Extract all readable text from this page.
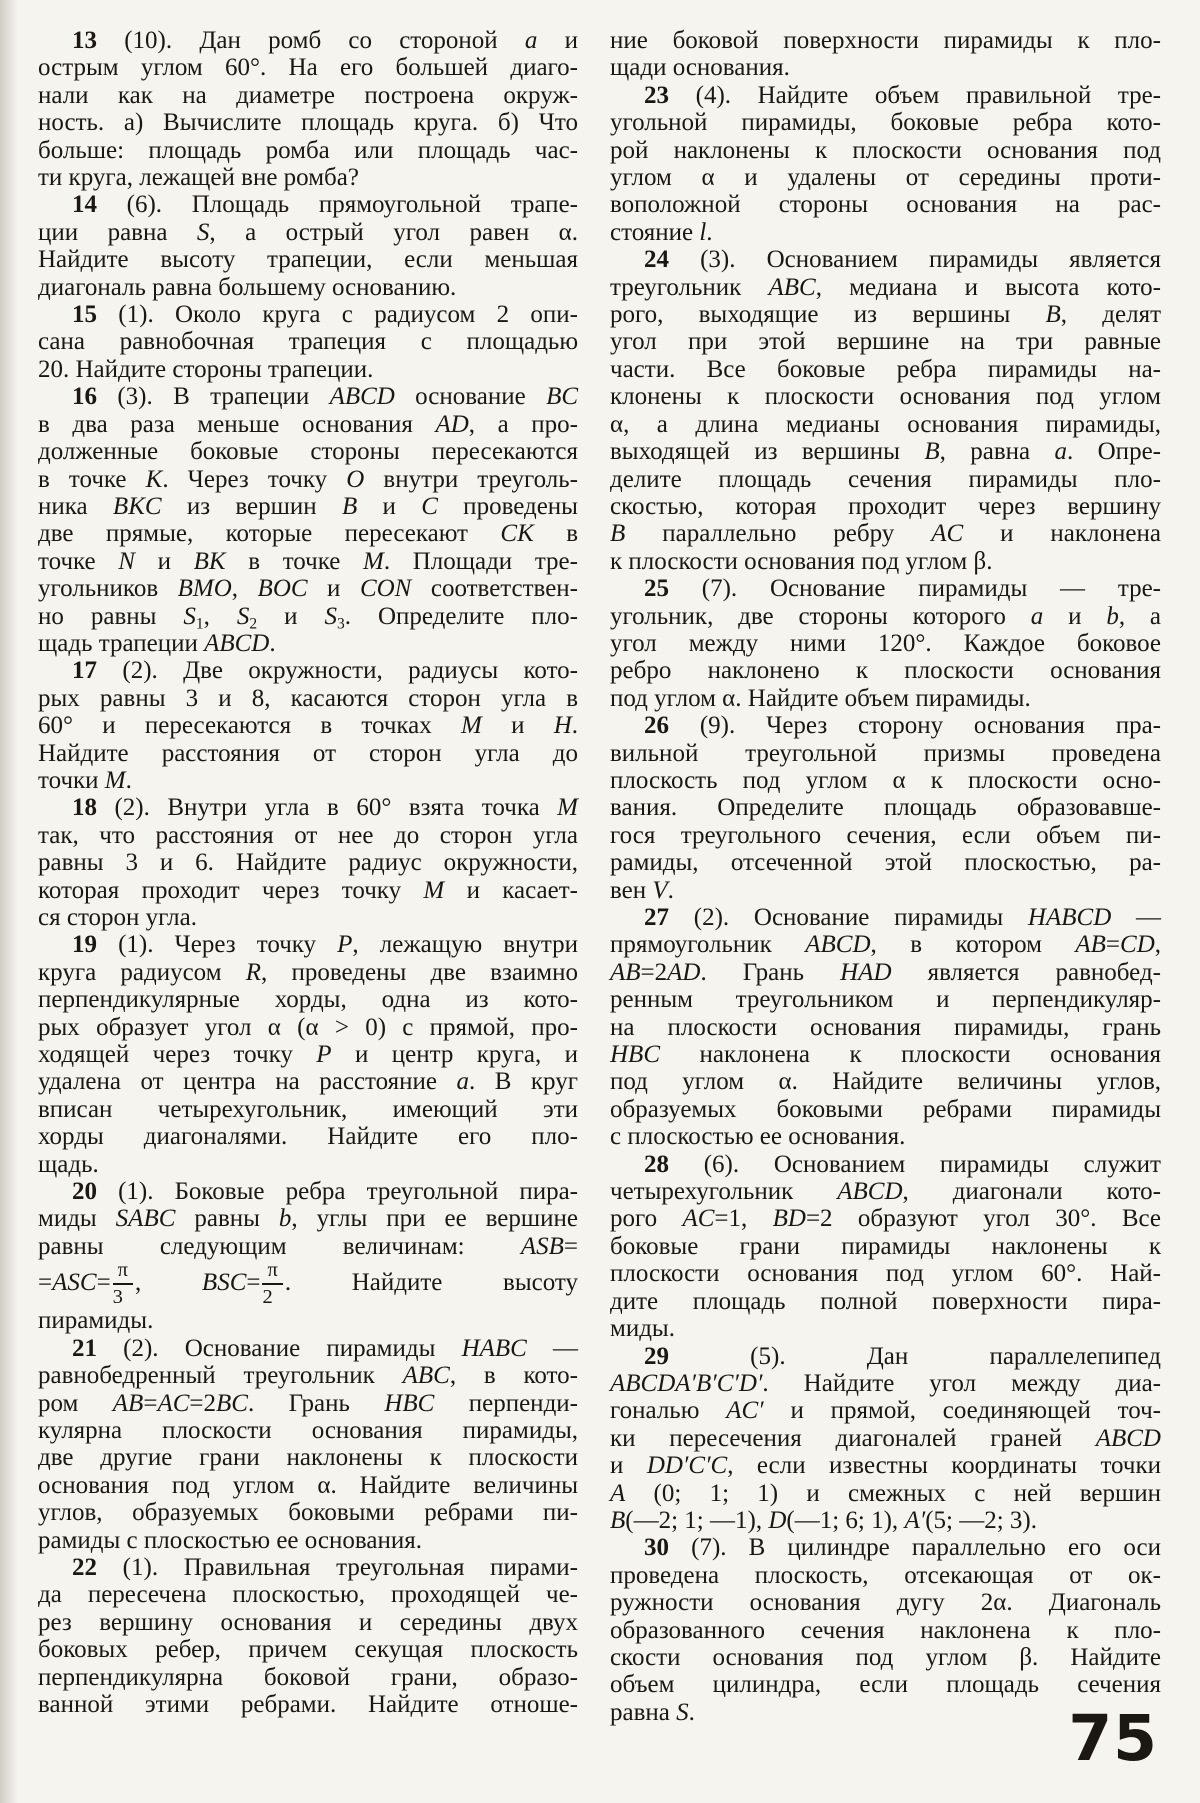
13 (10). Дан ромб со стороной a и
острым углом 60°. На его большей диаго-
нали как на диаметре построена окруж-
ность. а) Вычислите площадь круга. б) Что
больше: площадь ромба или площадь час-
ти круга, лежащей вне ромба?

14 (6). Площадь прямоугольной трапе-
ции равна S, а острый угол равен α.
Найдите высоту трапеции, если меньшая
диагональ равна большему основанию.

15 (1). Около круга с радиусом 2 опи-
сана равнобочная трапеция с площадью
20. Найдите стороны трапеции.

16 (3). В трапеции ABCD основание BC
в два раза меньше основания AD, а про-
долженные боковые стороны пересекаются
в точке K. Через точку O внутри треуголь-
ника BKC из вершин B и C проведены
две прямые, которые пересекают CK в
точке N и BK в точке M. Площади тре-
угольников BMO, BOC и CON соответствен-
но равны $S_1$, $S_2$ и $S_3$. Определите пло-
щадь трапеции ABCD.

17 (2). Две окружности, радиусы кото-
рых равны 3 и 8, касаются сторон угла в
60° и пересекаются в точках M и H.
Найдите расстояния от сторон угла до
точки M.

18 (2). Внутри угла в 60° взята точка M
так, что расстояния от нее до сторон угла
равны 3 и 6. Найдите радиус окружности,
которая проходит через точку M и касает-
ся сторон угла.

19 (1). Через точку P, лежащую внутри
круга радиусом R, проведены две взаимно
перпендикулярные хорды, одна из кото-
рых образует угол α (α > 0) с прямой, про-
ходящей через точку P и центр круга, и
удалена от центра на расстояние a. В круг
вписан четырехугольник, имеющий эти
хорды диагоналями. Найдите его пло-
щадь.

20 (1). Боковые ребра треугольной пира-
миды SABC равны b, углы при ее вершине
равны следующим величинам: ASB=
$=ASC= \frac{\pi}{3}$ , $BSC= \frac{\pi}{2}$ . Найдите высоту
пирамиды.

21 (2). Основание пирамиды HABC —
равнобедренный треугольник ABC, в кото-
ром AB=AC=2BC. Грань HBC перпенди-
кулярна плоскости основания пирамиды,
две другие грани наклонены к плоскости
основания под углом α. Найдите величины
углов, образуемых боковыми ребрами пи-
рамиды с плоскостью ее основания.

22 (1). Правильная треугольная пирами-
да пересечена плоскостью, проходящей че-
рез вершину основания и середины двух
боковых ребер, причем секущая плоскость
перпендикулярна боковой грани, образо-
ванной этими ребрами. Найдите отноше-

ние боковой поверхности пирамиды к пло-
щади основания.

23 (4). Найдите объем правильной тре-
угольной пирамиды, боковые ребра кото-
рой наклонены к плоскости основания под
углом α и удалены от середины проти-
воположной стороны основания на рас-
стояние l.

24 (3). Основанием пирамиды является
треугольник ABC, медиана и высота кото-
рого, выходящие из вершины B, делят
угол при этой вершине на три равные
части. Все боковые ребра пирамиды на-
клонены к плоскости основания под углом
α, а длина медианы основания пирамиды,
выходящей из вершины B, равна a. Опре-
делите площадь сечения пирамиды пло-
скостью, которая проходит через вершину
B параллельно ребру AC и наклонена
к плоскости основания под углом β.

25 (7). Основание пирамиды — тре-
угольник, две стороны которого a и b, а
угол между ними 120°. Каждое боковое
ребро наклонено к плоскости основания
под углом α. Найдите объем пирамиды.

26 (9). Через сторону основания пра-
вильной треугольной призмы проведена
плоскость под углом α к плоскости осно-
вания. Определите площадь образовавше-
гося треугольного сечения, если объем пи-
рамиды, отсеченной этой плоскостью, ра-
вен V.

27 (2). Основание пирамиды HABCD —
прямоугольник ABCD, в котором AB=CD,
AB=2AD. Грань HAD является равнобед-
ренным треугольником и перпендикуляр-
на плоскости основания пирамиды, грань
HBC наклонена к плоскости основания
под углом α. Найдите величины углов,
образуемых боковыми ребрами пирамиды
с плоскостью ее основания.

28 (6). Основанием пирамиды служит
четырехугольник ABCD, диагонали кото-
рого AC=1, BD=2 образуют угол 30°. Все
боковые грани пирамиды наклонены к
плоскости основания под углом 60°. Най-
дите площадь полной поверхности пира-
миды.

29 (5). Дан параллелепипед
ABCDA′B′C′D′. Найдите угол между диа-
гональю AC′ и прямой, соединяющей точ-
ки пересечения диагоналей граней ABCD
и DD′C′C, если известны координаты точки
A (0; 1; 1) и смежных с ней вершин
B(—2; 1; —1), D(—1; 6; 1), A′(5; —2; 3).

30 (7). В цилиндре параллельно его оси
проведена плоскость, отсекающая от ок-
ружности основания дугу 2α. Диагональ
образованного сечения наклонена к пло-
скости основания под углом β. Найдите
объем цилиндра, если площадь сечения
равна S.	75
